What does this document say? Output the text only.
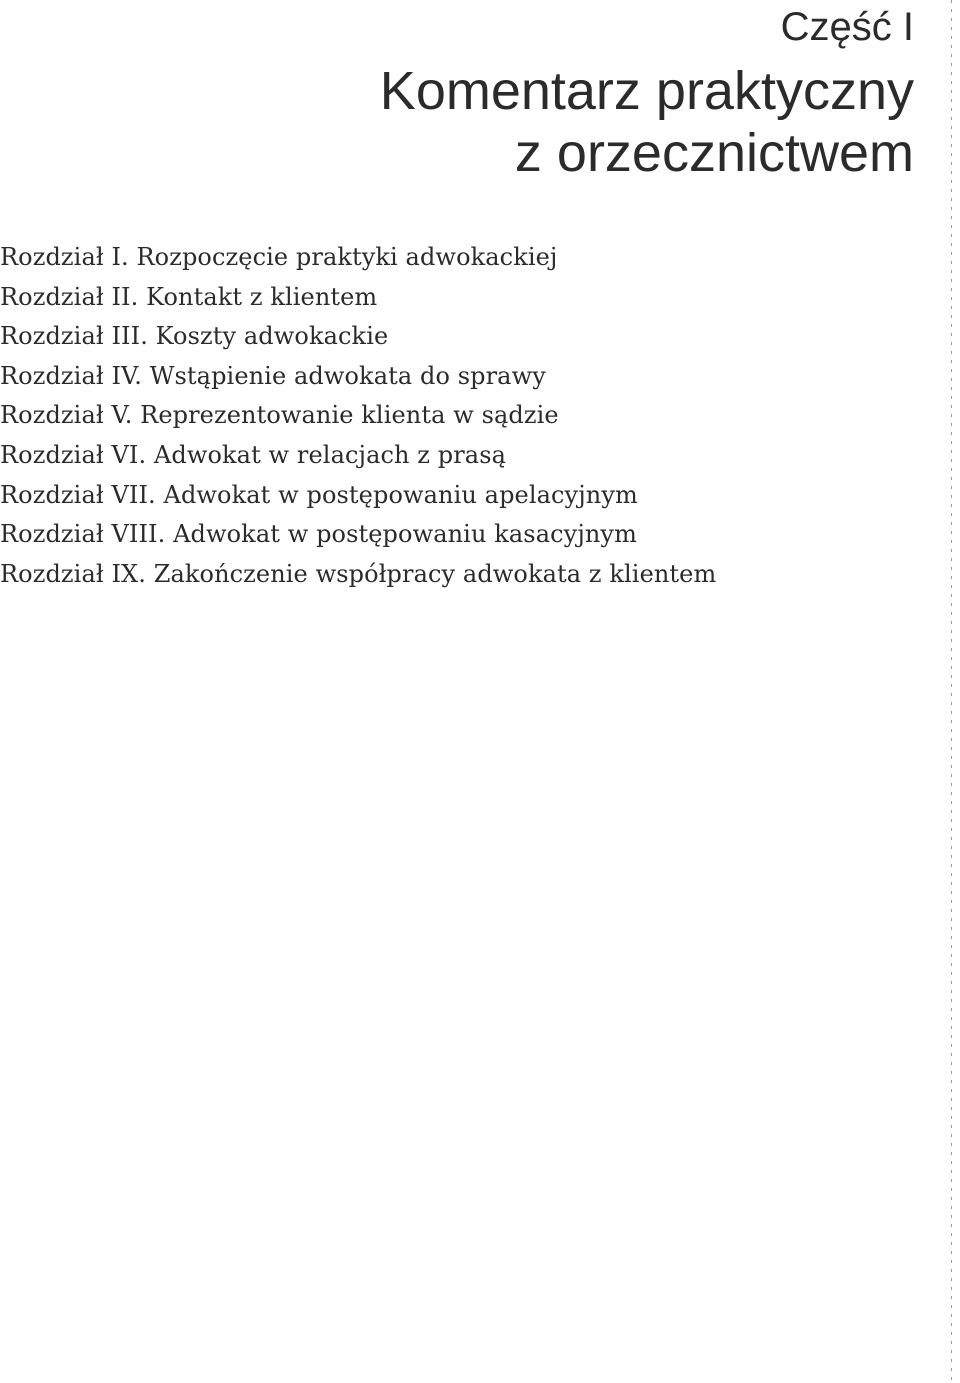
Część I
Komentarz praktyczny
z orzecznictwem
Rozdział I. Rozpoczęcie praktyki adwokackiej
Rozdział II. Kontakt z klientem
Rozdział III. Koszty adwokackie
Rozdział IV. Wstąpienie adwokata do sprawy
Rozdział V. Reprezentowanie klienta w sądzie
Rozdział VI. Adwokat w relacjach z prasą
Rozdział VII. Adwokat w postępowaniu apelacyjnym
Rozdział VIII. Adwokat w postępowaniu kasacyjnym
Rozdział IX. Zakończenie współpracy adwokata z klientem
